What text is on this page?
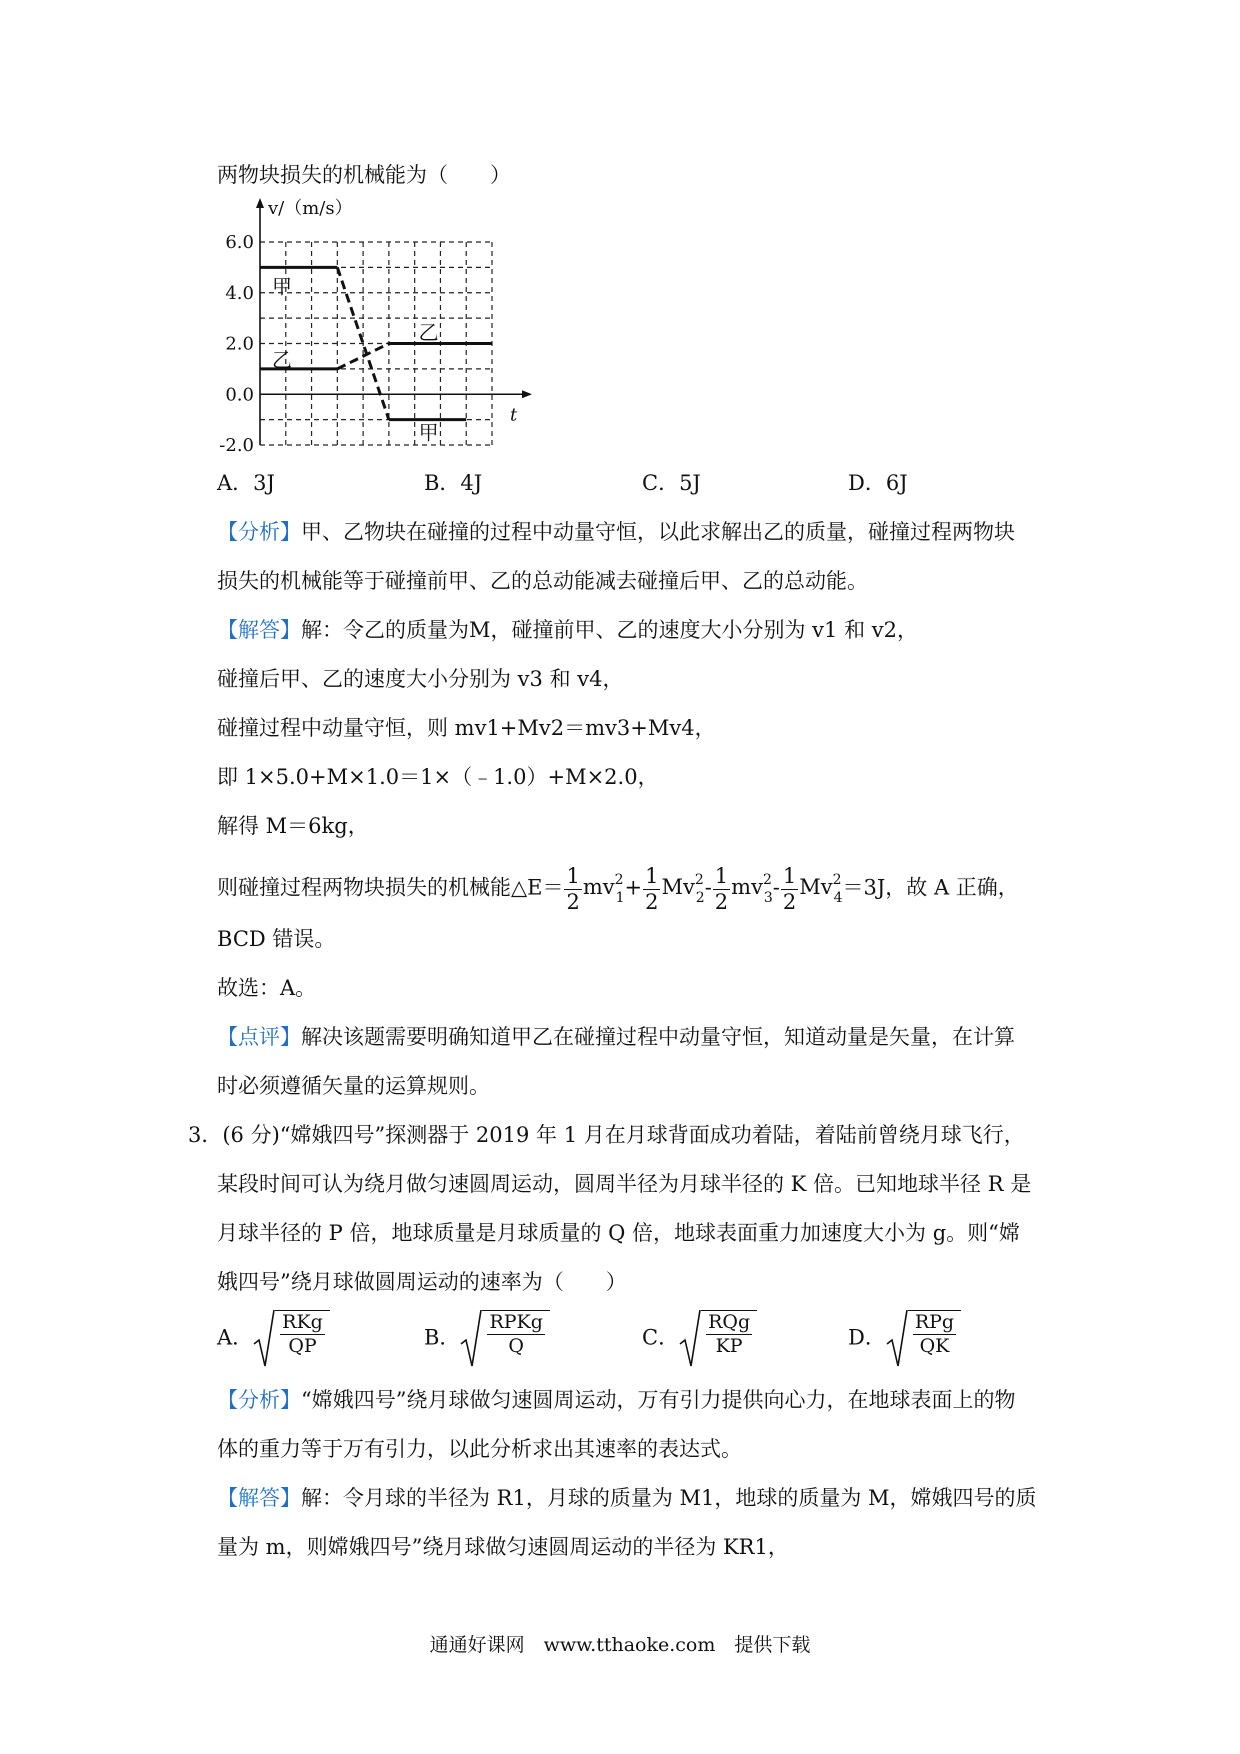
两物块损失的机械能为（　　）
v/（m/s）
t
6.0
4.0
2.0
0.0
-2.0
甲
乙
乙
甲
A．3J	B．4J	C．5J	D．6J
【分析】甲、乙物块在碰撞的过程中动量守恒，以此求解出乙的质量，碰撞过程两物块
损失的机械能等于碰撞前甲、乙的总动能减去碰撞后甲、乙的总动能。
【解答】解：令乙的质量为M，碰撞前甲、乙的速度大小分别为 v1 和 v2，
碰撞后甲、乙的速度大小分别为 v3 和 v4，
碰撞过程中动量守恒，则 mv1+Mv2＝mv3+Mv4，
即 1×5.0+M×1.0＝1×（﹣1.0）+M×2.0，
解得 M＝6kg，
则碰撞过程两物块损失的机械能△E＝ $\frac{1}{2} mv^2_1+ \frac{1}{2} Mv^2_2- \frac{1}{2} mv^2_3- \frac{1}{2} Mv^2_4=3J$，故 A 正确，
BCD 错误。
故选：A。
【点评】解决该题需要明确知道甲乙在碰撞过程中动量守恒，知道动量是矢量，在计算
时必须遵循矢量的运算规则。
3．(6 分)“嫦娥四号”探测器于 2019 年 1 月在月球背面成功着陆，着陆前曾绕月球飞行，
某段时间可认为绕月做匀速圆周运动，圆周半径为月球半径的 K 倍。已知地球半径 R 是
月球半径的 P 倍，地球质量是月球质量的 Q 倍，地球表面重力加速度大小为 g。则“嫦
娥四号”绕月球做圆周运动的速率为（　　）
A． $\frac{\text{RKg}}{QP}$	B． $\frac{\text{RPKg}}{Q}$	C． $\frac{\text{RQg}}{KP}$	D． $\frac{\text{RPg}}{QK}$
【分析】“嫦娥四号”绕月球做匀速圆周运动，万有引力提供向心力，在地球表面上的物
体的重力等于万有引力，以此分析求出其速率的表达式。
【解答】解：令月球的半径为 R1，月球的质量为 M1，地球的质量为 M，嫦娥四号的质
量为 m，则嫦娥四号”绕月球做匀速圆周运动的半径为 KR1，
通通好课网　www.tthaoke.com　提供下载
